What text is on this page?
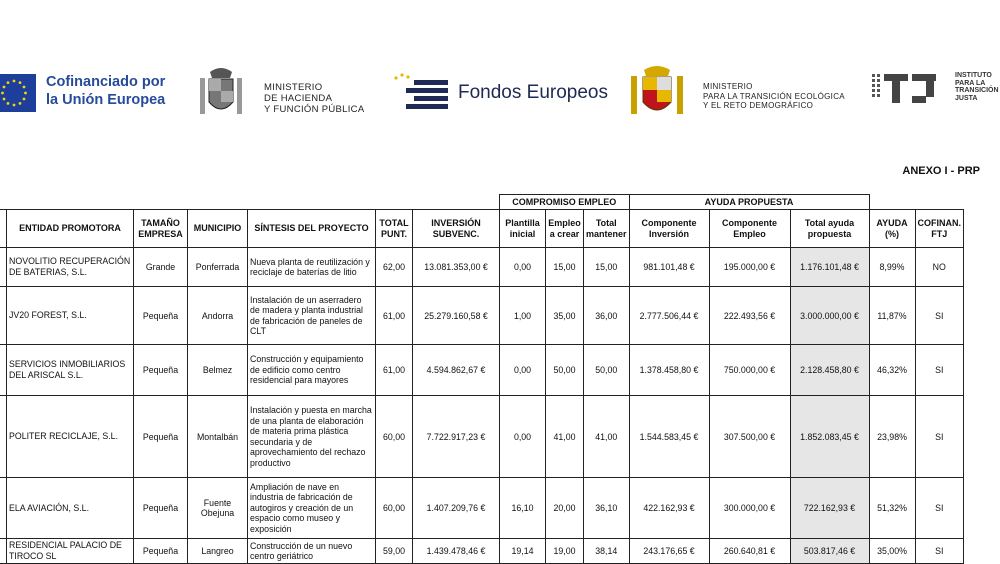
Cofinanciado por
la Unión Europea
MINISTERIO
DE HACIENDA
Y FUNCIÓN PÚBLICA
Fondos Europeos	MINISTERIO
PARA LA TRANSICIÓN ECOLÓGICA
Y EL RETO DEMOGRÁFICO
INSTITUTO
PARA LA
TRANSICIÓN
JUSTA
ANEXO I - PRP
							COMPROMISO EMPLEO			AYUDA PROPUESTA				
	ENTIDAD PROMOTORA	TAMAÑO EMPRESA	MUNICIPIO	SÍNTESIS DEL PROYECTO	TOTAL PUNT.	INVERSIÓN SUBVENC.	Plantilla inicial	Empleo a crear	Total mantener	Componente Inversión	Componente Empleo	Total ayuda propuesta	AYUDA (%)	COFINAN. FTJ
	NOVOLITIO RECUPERACIÓN DE BATERIAS, S.L.	Grande	Ponferrada	Nueva planta de reutilización y reciclaje de baterías de litio	62,00	13.081.353,00 €	0,00	15,00	15,00	981.101,48 €	195.000,00 €	1.176.101,48 €	8,99%	NO
	JV20 FOREST, S.L.	Pequeña	Andorra	Instalación de un aserradero de madera y planta industrial de fabricación de paneles de CLT	61,00	25.279.160,58 €	1,00	35,00	36,00	2.777.506,44 €	222.493,56 €	3.000.000,00 €	11,87%	SI
	SERVICIOS INMOBILIARIOS DEL ARISCAL S.L.	Pequeña	Belmez	Construcción y equipamiento de edificio como centro residencial para mayores	61,00	4.594.862,67 €	0,00	50,00	50,00	1.378.458,80 €	750.000,00 €	2.128.458,80 €	46,32%	SI
	POLITER RECICLAJE, S.L.	Pequeña	Montalbán	Instalación y puesta en marcha de una planta de elaboración de materia prima plástica secundaria y de aprovechamiento del rechazo productivo	60,00	7.722.917,23 €	0,00	41,00	41,00	1.544.583,45 €	307.500,00 €	1.852.083,45 €	23,98%	SI
	ELA AVIACIÓN, S.L.	Pequeña	Fuente Obejuna	Ampliación de nave en industria de fabricación de autogiros y creación de un espacio como museo y exposición	60,00	1.407.209,76 €	16,10	20,00	36,10	422.162,93 €	300.000,00 €	722.162,93 €	51,32%	SI
	RESIDENCIAL PALACIO DE TIROCO SL	Pequeña	Langreo	Construcción de un nuevo centro geriátrico	59,00	1.439.478,46 €	19,14	19,00	38,14	243.176,65 €	260.640,81 €	503.817,46 €	35,00%	SI
